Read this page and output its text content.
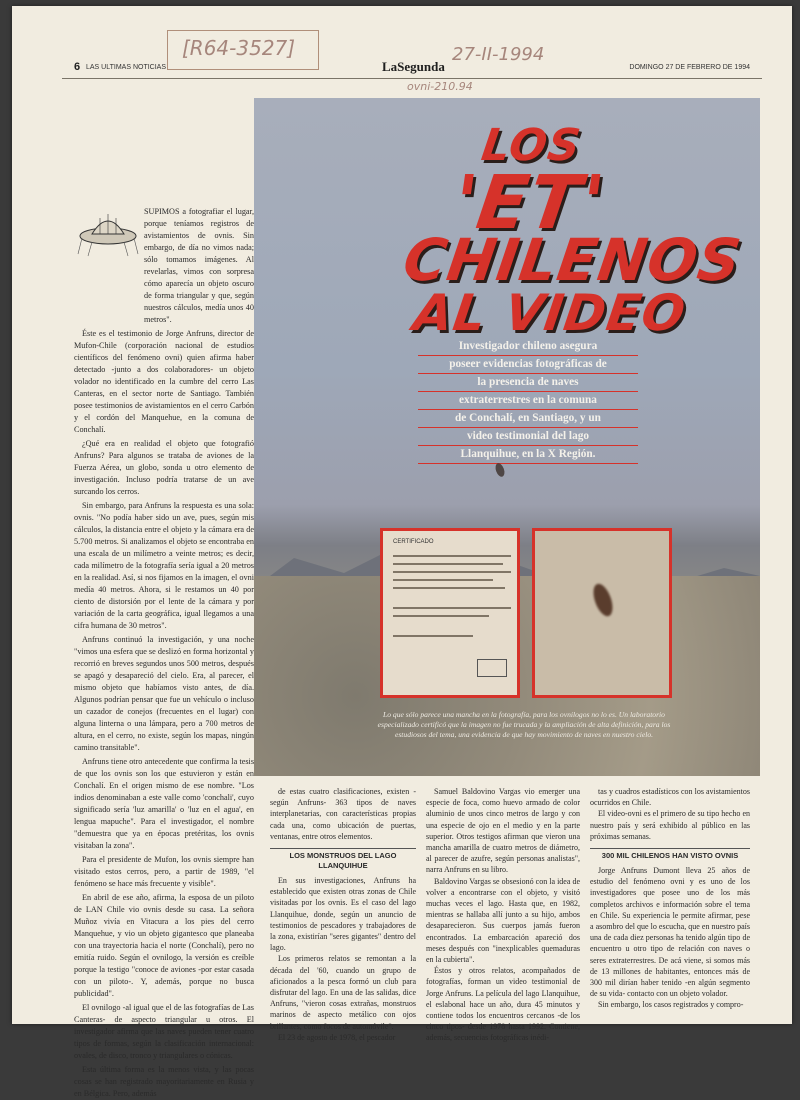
[R64-3527]	27-II-1994
ovni-210.94
6 LAS ULTIMAS NOTICIAS	LaSegunda	DOMINGO 27 DE FEBRERO DE 1994

SUPIMOS a fotografiar el lugar, porque teníamos registros de avistamientos de ovnis. Sin embargo, de día no vimos nada; sólo tomamos imágenes. Al revelarlas, vimos con sorpresa cómo aparecía un objeto oscuro de forma triangular y que, según nuestros cálculos, medía unos 40 metros".

Éste es el testimonio de Jorge Anfruns, director de Mufon-Chile (corporación nacional de estudios científicos del fenómeno ovni) quien afirma haber detectado -junto a dos colaboradores- un objeto volador no identificado en la cumbre del cerro Las Canteras, en el sector norte de Santiago. También posee testimonios de avistamientos en el cerro Carbón y el cordón del Manquehue, en la comuna de Conchalí.

¿Qué era en realidad el objeto que fotografió Anfruns? Para algunos se trataba de aviones de la Fuerza Aérea, un globo, sonda u otro elemento de investigación. Incluso podría tratarse de un ave surcando los cerros.

Sin embargo, para Anfruns la respuesta es una sola: ovnis. "No podía haber sido un ave, pues, según mis cálculos, la distancia entre el objeto y la cámara era de 5.700 metros. Si analizamos el objeto se encontraba en una escala de un milímetro a veinte metros; es decir, cada milímetro de la fotografía sería igual a 20 metros en la realidad. Así, si nos fijamos en la imagen, el ovni medía 40 metros. Ahora, si le restamos un 40 por ciento de distorsión por el lente de la cámara y por variación de la carta geográfica, igual llegamos a una cifra humana de 30 metros".

Anfruns continuó la investigación, y una noche "vimos una esfera que se deslizó en forma horizontal y recorrió en breves segundos unos 500 metros, después se apagó y desapareció del cielo. Era, al parecer, el mismo objeto que habíamos visto antes, de día. Algunos podrían pensar que fue un vehículo o incluso un cazador de conejos (frecuentes en el lugar) con alguna linterna o una lámpara, pero a 700 metros de altura, en el cerro, no existe, según los mapas, ningún camino transitable".

Anfruns tiene otro antecedente que confirma la tesis de que los ovnis son los que estuvieron y están en Conchalí. En el origen mismo de ese nombre. "Los indios denominaban a este valle como 'conchali', cuyo significado sería 'luz amarilla' o 'luz en el agua', en lengua mapuche". Para el investigador, el nombre "demuestra que ya en épocas pretéritas, los ovnis visitaban la zona".

Para el presidente de Mufon, los ovnis siempre han visitado estos cerros, pero, a partir de 1989, "el fenómeno se hace más frecuente y visible".

En abril de ese año, afirma, la esposa de un piloto de LAN Chile vio ovnis desde su casa. La señora Muñoz vivía en Vitacura a los pies del cerro Manquehue, y vio un objeto gigantesco que planeaba con una trayectoria hacia el norte (Conchalí), pero no emitía ruido. Según el ovnilogo, la versión es creíble porque la testigo "conoce de aviones -por estar casada con un piloto-. Y, además, porque no busca publicidad".

El ovnilogo -al igual que el de las fotografías de Las Canteras- de aspecto triangular u otros. El investigador afirma que las naves pueden tener cuatro tipos de formas, según la clasificación internacional: ovales, de disco, tronco y triangulares o cónicas.

Esta última forma es la menos vista, y las pocas cosas se han registrado mayoritariamente en Rusia y en Bélgica. Pero, además

LOS
'ET'
CHILENOS
AL VIDEO
Investigador chileno asegura
poseer evidencias fotográficas de
la presencia de naves
extraterrestres en la comuna
de Conchalí, en Santiago, y un
video testimonial del lago
Llanquihue, en la X Región.
CERTIFICADO
Lo que sólo parece una mancha en la fotografía, para los ovnilogos no lo es. Un laboratorio especializado certificó que la imagen no fue trucada y la ampliación de alta definición, para los estudiosos del tema, una evidencia de que hay movimiento de naves en nuestro cielo.

de estas cuatro clasificaciones, existen -según Anfruns- 363 tipos de naves interplanetarias, con características propias cada una, como ubicación de puertas, ventanas, entre otros elementos.

LOS MONSTRUOS DEL LAGO LLANQUIHUE

En sus investigaciones, Anfruns ha establecido que existen otras zonas de Chile visitadas por los ovnis. Es el caso del lago Llanquihue, donde, según un anuncio de testimonios de pescadores y trabajadores de la zona, existirían "seres gigantes" dentro del lago.

Los primeros relatos se remontan a la década del '60, cuando un grupo de aficionados a la pesca formó un club para disfrutar del lago. En una de las salidas, dice Anfruns, "vieron cosas extrañas, monstruos marinos de aspecto metálico con ojos brillantes, como focos de automóvile".

El 23 de agosto de 1978, el pescador

Samuel Baldovino Vargas vio emerger una especie de foca, como huevo armado de color aluminio de unos cinco metros de largo y con una especie de ojo en el medio y en la parte superior. Otros testigos afirman que vieron una mancha amarilla de cuatro metros de diámetro, al parecer de azufre, según personas analistas", narra Anfruns en su libro.

Baldovino Vargas se obsesionó con la idea de volver a encontrarse con el objeto, y visitó muchas veces el lago. Hasta que, en 1982, mientras se hallaba allí junto a su hijo, ambos desaparecieron. Sus cuerpos jamás fueron encontrados. La embarcación apareció dos meses después con "inexplicables quemaduras en la cubierta".

Éstos y otros relatos, acompañados de fotografías, forman un video testimonial de Jorge Anfruns. La película del lago Llanquihue, el eslabonal hace un año, dura 45 minutos y contiene todos los encuentros cercanos -de los cinco tipos- desde 1978 hasta 1992. Contiene, además, secuencias fotográficas inédi-

tas y cuadros estadísticos con los avistamientos ocurridos en Chile.

El video-ovni es el primero de su tipo hecho en nuestro país y será exhibido al público en las próximas semanas.

300 MIL CHILENOS HAN VISTO OVNIS

Jorge Anfruns Dumont lleva 25 años de estudio del fenómeno ovni y es uno de los investigadores que posee uno de los más completos archivos e información sobre el tema en Chile. Su experiencia le permite afirmar, pese a asombro del que lo escucha, que en nuestro país una de cada diez personas ha tenido algún tipo de encuentro u otro tipo de relación con naves o seres extraterrestres. De acá viene, si somos más de 13 millones de habitantes, entonces más de 300 mil dirían haber tenido -en algún segmento de su vida- contacto con un objeto volador.

Sin embargo, los casos registrados y compro-
